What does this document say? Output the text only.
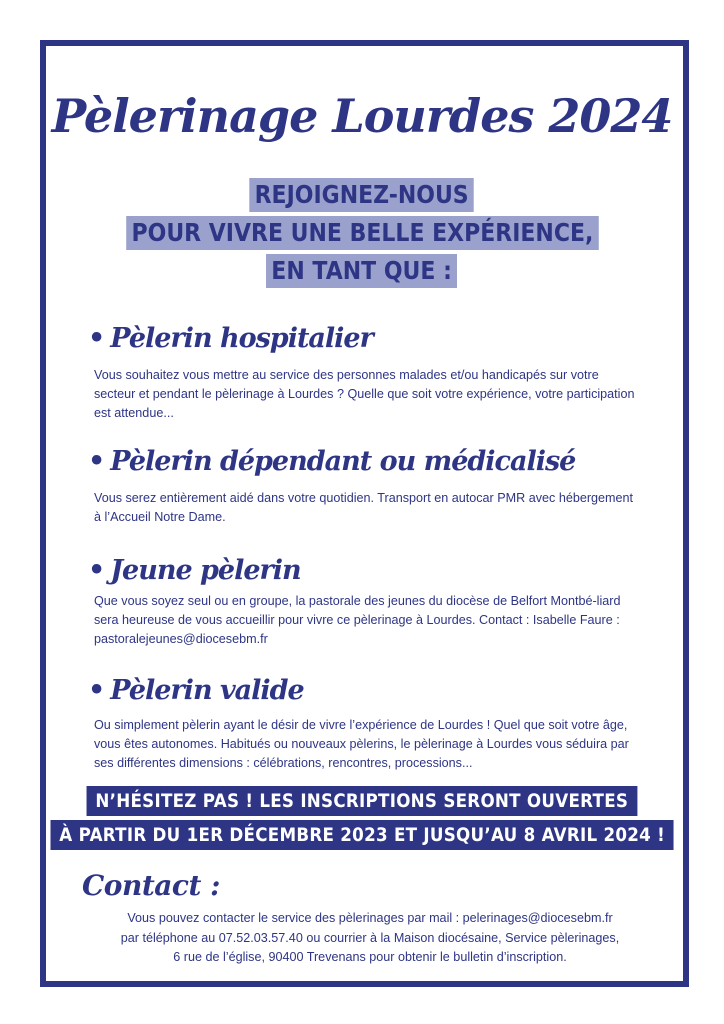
Pèlerinage Lourdes 2024
REJOIGNEZ-NOUS
POUR VIVRE UNE BELLE EXPÉRIENCE,
EN TANT QUE :
• Pèlerin hospitalier
Vous souhaitez vous mettre au service des personnes malades et/ou handicapés sur votre secteur et pendant le pèlerinage à Lourdes ? Quelle que soit votre expérience, votre participation est attendue...
• Pèlerin dépendant ou médicalisé
Vous serez entièrement aidé dans votre quotidien. Transport en autocar PMR avec hébergement à l’Accueil Notre Dame.
• Jeune pèlerin
Que vous soyez seul ou en groupe, la pastorale des jeunes du diocèse de Belfort Montbé-liard sera heureuse de vous accueillir pour vivre ce pèlerinage à Lourdes. Contact : Isabelle Faure : pastoralejeunes@diocesebm.fr
• Pèlerin valide
Ou simplement pèlerin ayant le désir de vivre l’expérience de Lourdes ! Quel que soit votre âge, vous êtes autonomes. Habitués ou nouveaux pèlerins, le pèlerinage à Lourdes vous séduira par ses différentes dimensions : célébrations, rencontres, processions...
N’HÉSITEZ PAS ! LES INSCRIPTIONS SERONT OUVERTES
À PARTIR DU 1ER DÉCEMBRE 2023 ET JUSQU’AU 8 AVRIL 2024 !
Contact :
Vous pouvez contacter le service des pèlerinages par mail : pelerinages@diocesebm.fr
par téléphone au 07.52.03.57.40 ou courrier à la Maison diocésaine, Service pèlerinages,
6 rue de l’église, 90400 Trevenans pour obtenir le bulletin d’inscription.
